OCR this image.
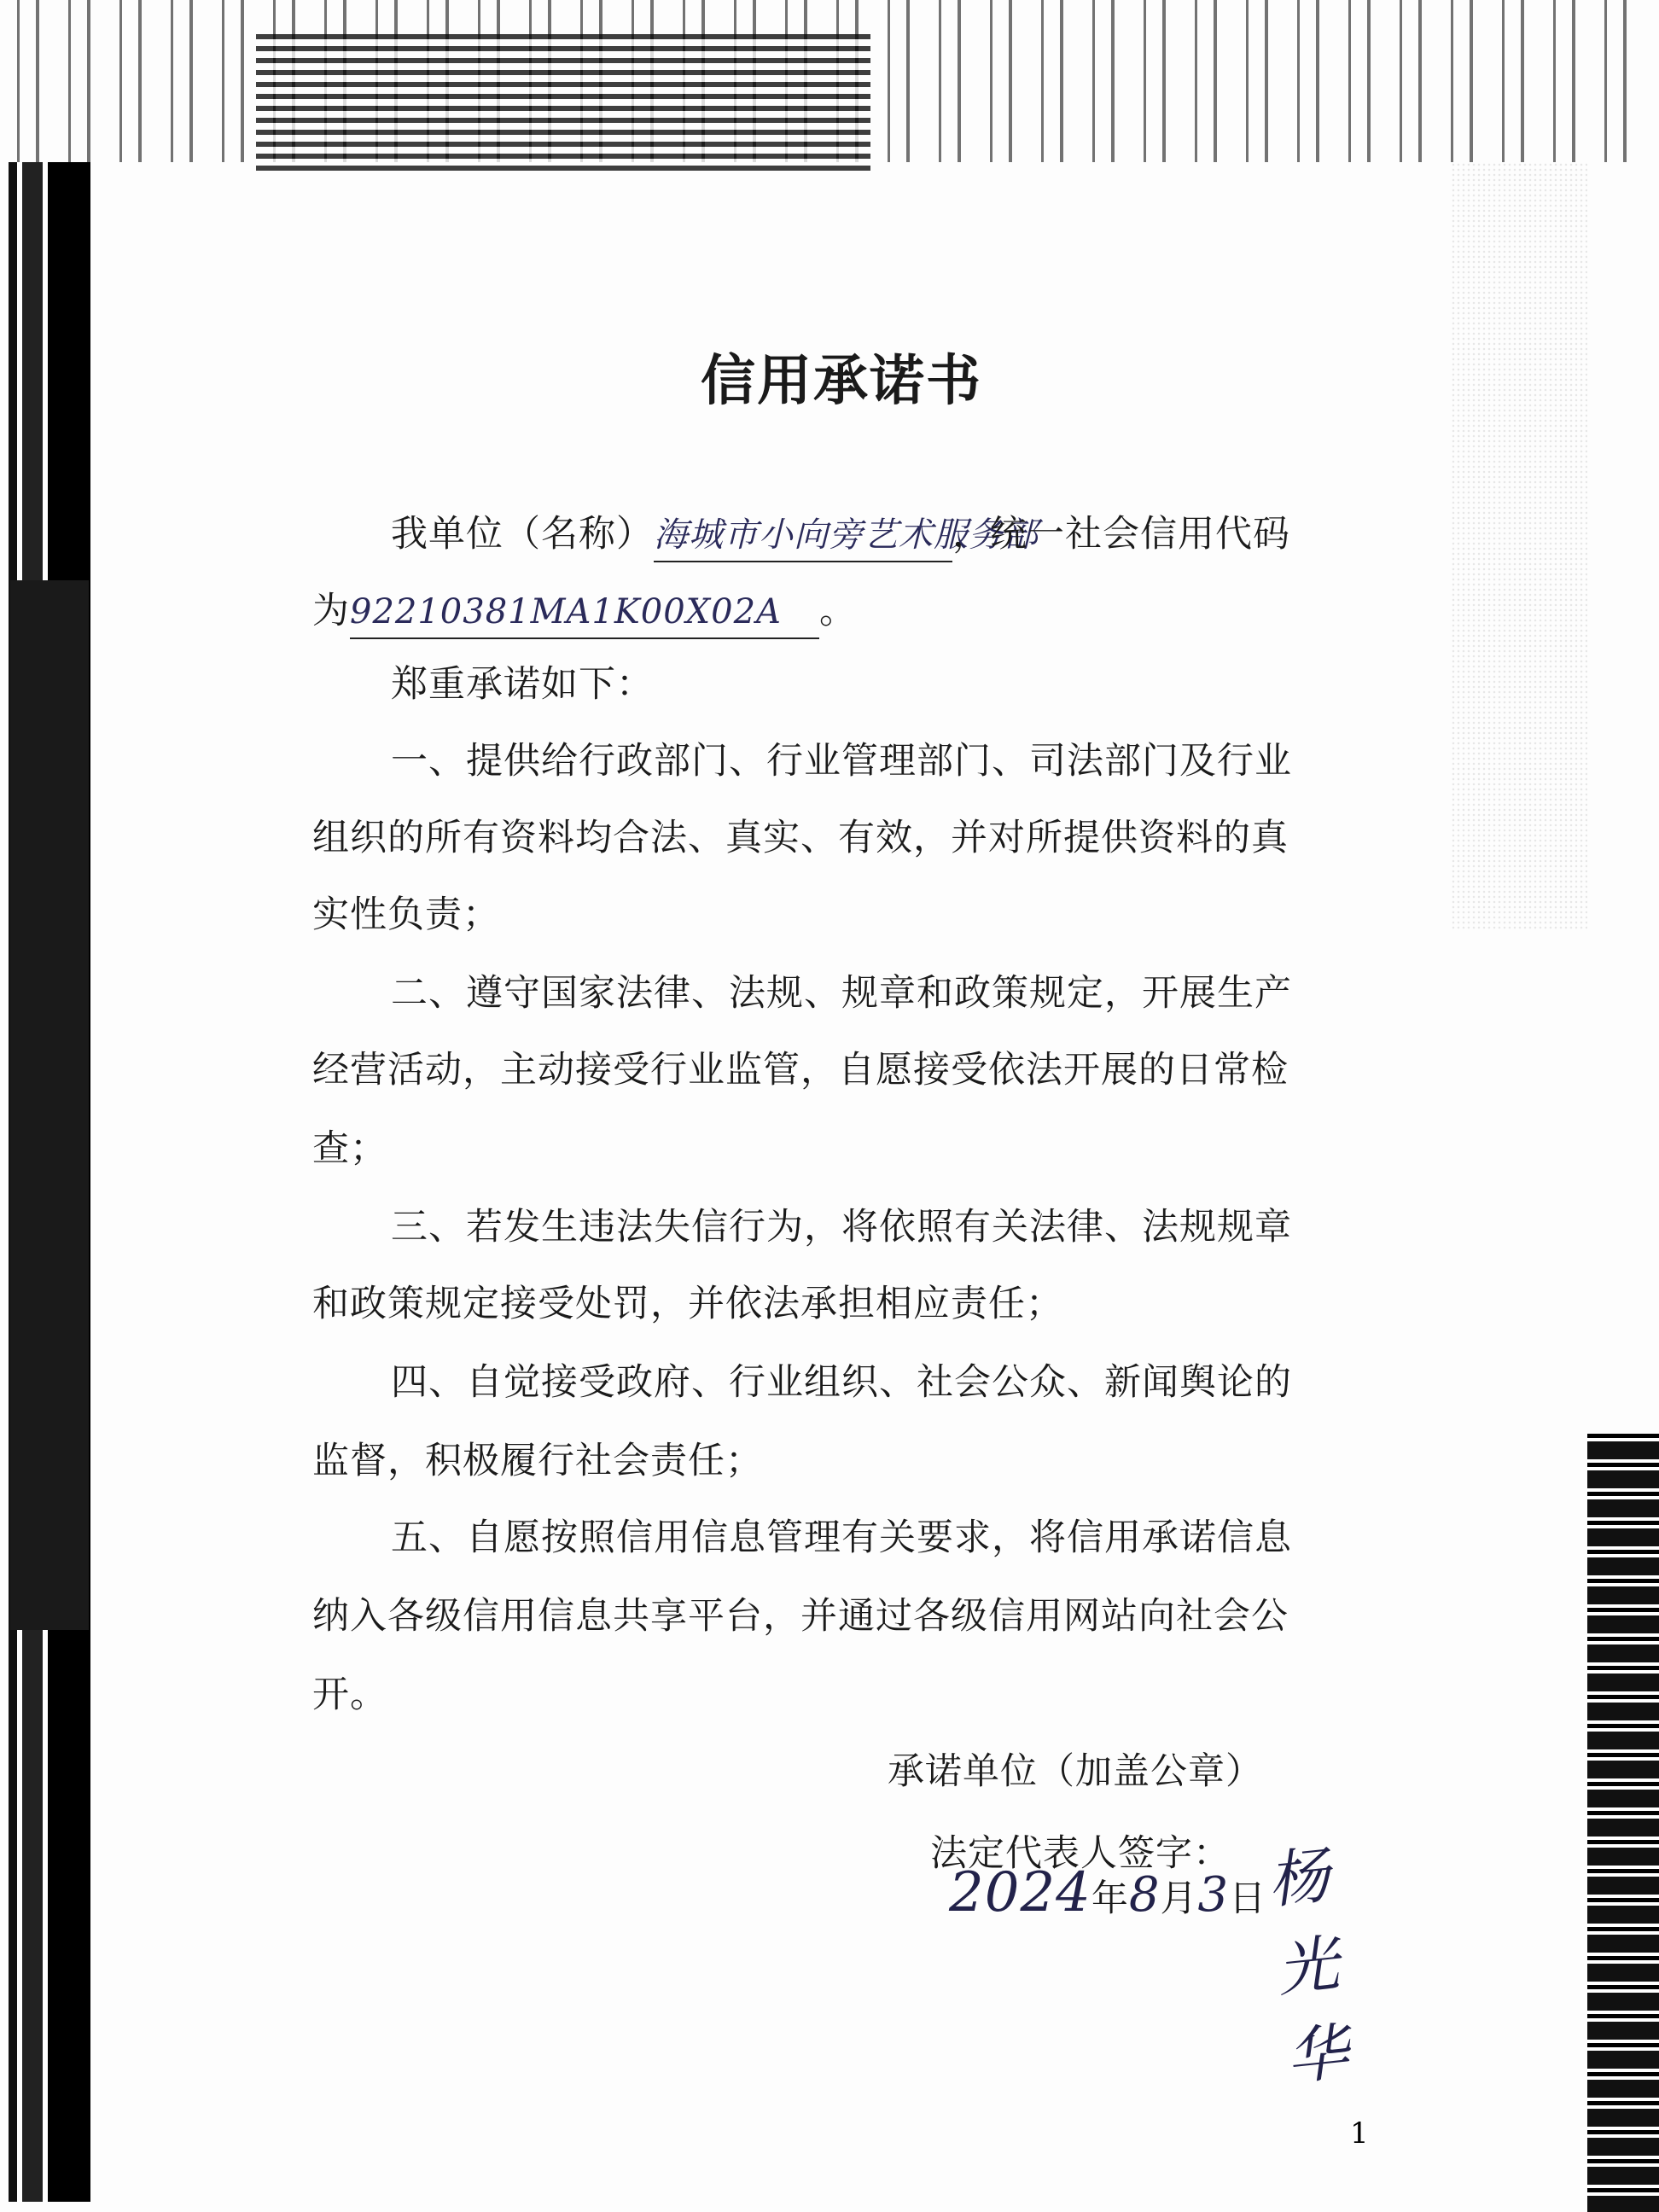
信用承诺书
我单位（名称）海城市小向旁艺术服务部，统一社会信用代码
为92210381MA1K00X02A 。
郑重承诺如下：
一、提供给行政部门、行业管理部门、司法部门及行业
组织的所有资料均合法、真实、有效，并对所提供资料的真
实性负责；
二、遵守国家法律、法规、规章和政策规定，开展生产
经营活动，主动接受行业监管，自愿接受依法开展的日常检
查；
三、若发生违法失信行为，将依照有关法律、法规规章
和政策规定接受处罚，并依法承担相应责任；
四、自觉接受政府、行业组织、社会公众、新闻舆论的
监督，积极履行社会责任；
五、自愿按照信用信息管理有关要求，将信用承诺信息
纳入各级信用信息共享平台，并通过各级信用网站向社会公
开。
承诺单位（加盖公章）
法定代表人签字： 杨光华
2024年8月3日
1
